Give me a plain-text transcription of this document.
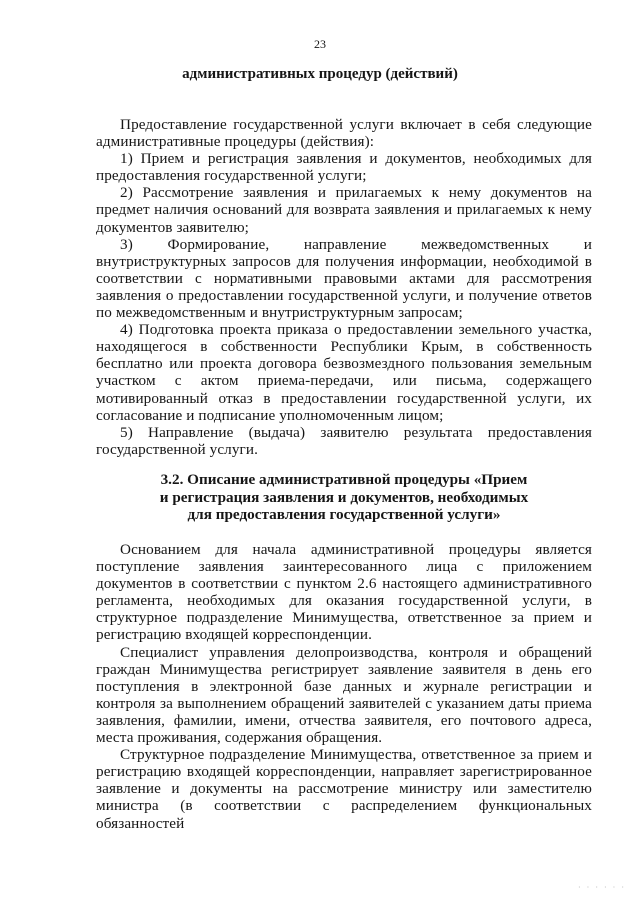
23
административных процедур (действий)

Предоставление государственной услуги включает в себя следующие административные процедуры (действия):

1) Прием и регистрация заявления и документов, необходимых для предоставления государственной услуги;

2) Рассмотрение заявления и прилагаемых к нему документов на предмет наличия оснований для возврата заявления и прилагаемых к нему документов заявителю;

3) Формирование, направление межведомственных и внутриструктурных запросов для получения информации, необходимой в соответствии с нормативными правовыми актами для рассмотрения заявления о предоставлении государственной услуги, и получение ответов по межведомственным и внутриструктурным запросам;

4) Подготовка проекта приказа о предоставлении земельного участка, находящегося в собственности Республики Крым, в собственность бесплатно или проекта договора безвозмездного пользования земельным участком с актом приема-передачи, или письма, содержащего мотивированный отказ в предоставлении государственной услуги, их согласование и подписание уполномоченным лицом;

5) Направление (выдача) заявителю результата предоставления государственной услуги.

3.2. Описание административной процедуры «Прием
и регистрация заявления и документов, необходимых
для предоставления государственной услуги»

Основанием для начала административной процедуры является поступление заявления заинтересованного лица с приложением документов в соответствии с пунктом 2.6 настоящего административного регламента, необходимых для оказания государственной услуги, в структурное подразделение Минимущества, ответственное за прием и регистрацию входящей корреспонденции.

Специалист управления делопроизводства, контроля и обращений граждан Минимущества регистрирует заявление заявителя в день его поступления в электронной базе данных и журнале регистрации и контроля за выполнением обращений заявителей с указанием даты приема заявления, фамилии, имени, отчества заявителя, его почтового адреса, места проживания, содержания обращения.

Структурное подразделение Минимущества, ответственное за прием и регистрацию входящей корреспонденции, направляет зарегистрированное заявление и документы на рассмотрение министру или заместителю министра (в соответствии с распределением функциональных обязанностей

· · · · · ·
